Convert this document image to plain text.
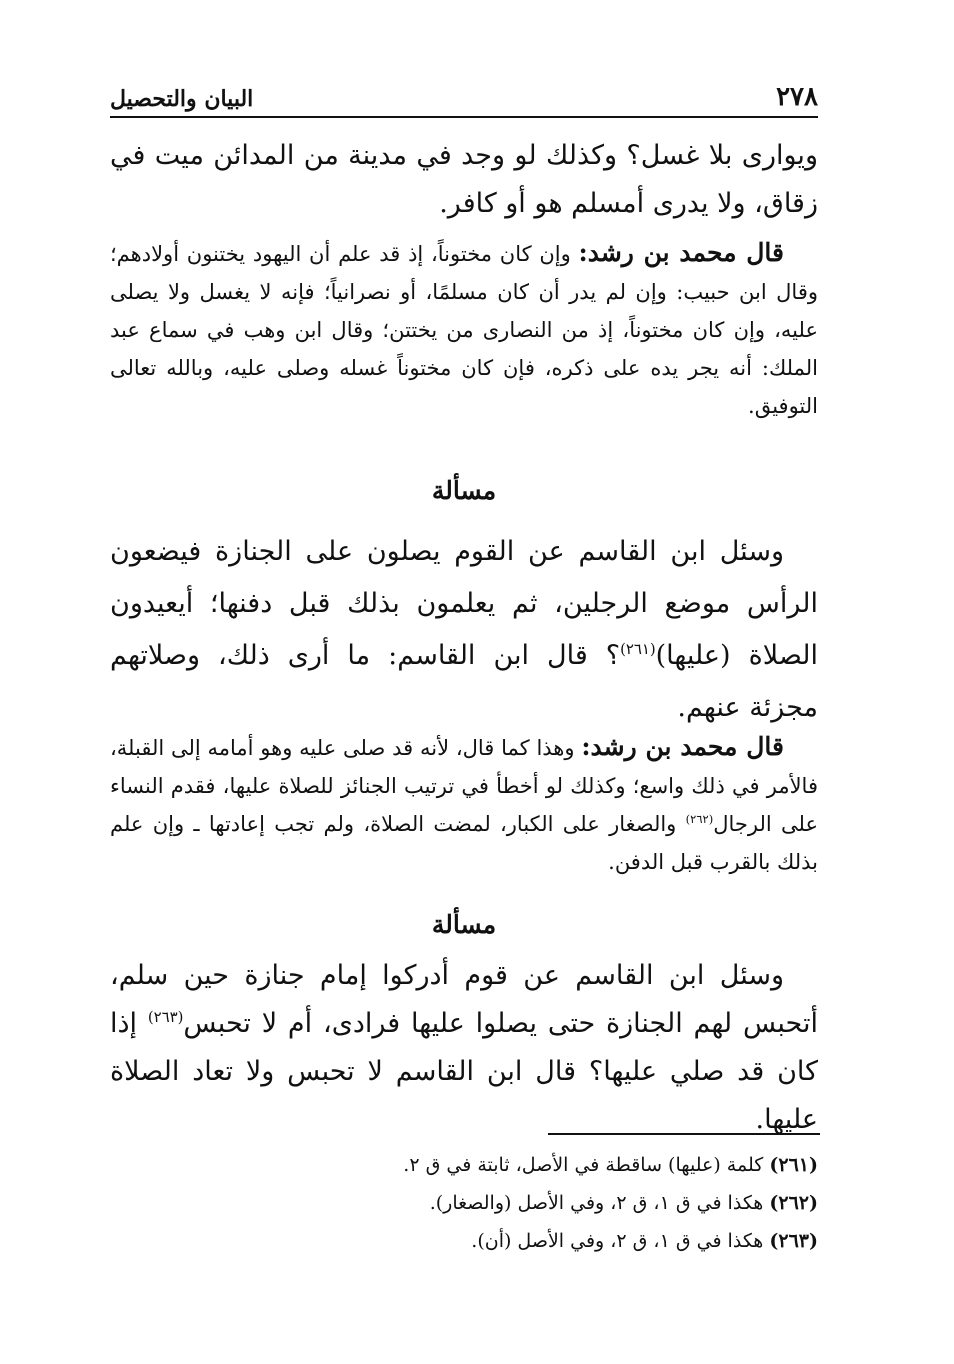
٢٧٨
البيان والتحصيل
ويوارى بلا غسل؟ وكذلك لو وجد في مدينة من المدائن ميت في زقاق، ولا يدرى أمسلم هو أو كافر.
قال محمد بن رشد: وإن كان مختوناً، إذ قد علم أن اليهود يختنون أولادهم؛ وقال ابن حبيب: وإن لم يدر أن كان مسلمًا، أو نصرانياً؛ فإنه لا يغسل ولا يصلى عليه، وإن كان مختوناً، إذ من النصارى من يختتن؛ وقال ابن وهب في سماع عبد الملك: أنه يجر يده على ذكره، فإن كان مختوناً غسله وصلى عليه، وبالله تعالى التوفيق.
مسألة
وسئل ابن القاسم عن القوم يصلون على الجنازة فيضعون الرأس موضع الرجلين، ثم يعلمون بذلك قبل دفنها؛ أيعيدون الصلاة (عليها)$^{(٢٦١)}$؟ قال ابن القاسم: ما أرى ذلك، وصلاتهم مجزئة عنهم.
قال محمد بن رشد: وهذا كما قال، لأنه قد صلى عليه وهو أمامه إلى القبلة، فالأمر في ذلك واسع؛ وكذلك لو أخطأ في ترتيب الجنائز للصلاة عليها، فقدم النساء على الرجال$^{(٢٦٢)}$ والصغار على الكبار، لمضت الصلاة، ولم تجب إعادتها ـ وإن علم بذلك بالقرب قبل الدفن.
مسألة
وسئل ابن القاسم عن قوم أدركوا إمام جنازة حين سلم، أتحبس لهم الجنازة حتى يصلوا عليها فرادى، أم لا تحبس$^{(٢٦٣)}$ إذا كان قد صلي عليها؟ قال ابن القاسم لا تحبس ولا تعاد الصلاة عليها.
(٢٦١) كلمة (عليها) ساقطة في الأصل، ثابتة في ق ٢.
(٢٦٢) هكذا في ق ١، ق ٢، وفي الأصل (والصغار).
(٢٦٣) هكذا في ق ١، ق ٢، وفي الأصل (أن).
